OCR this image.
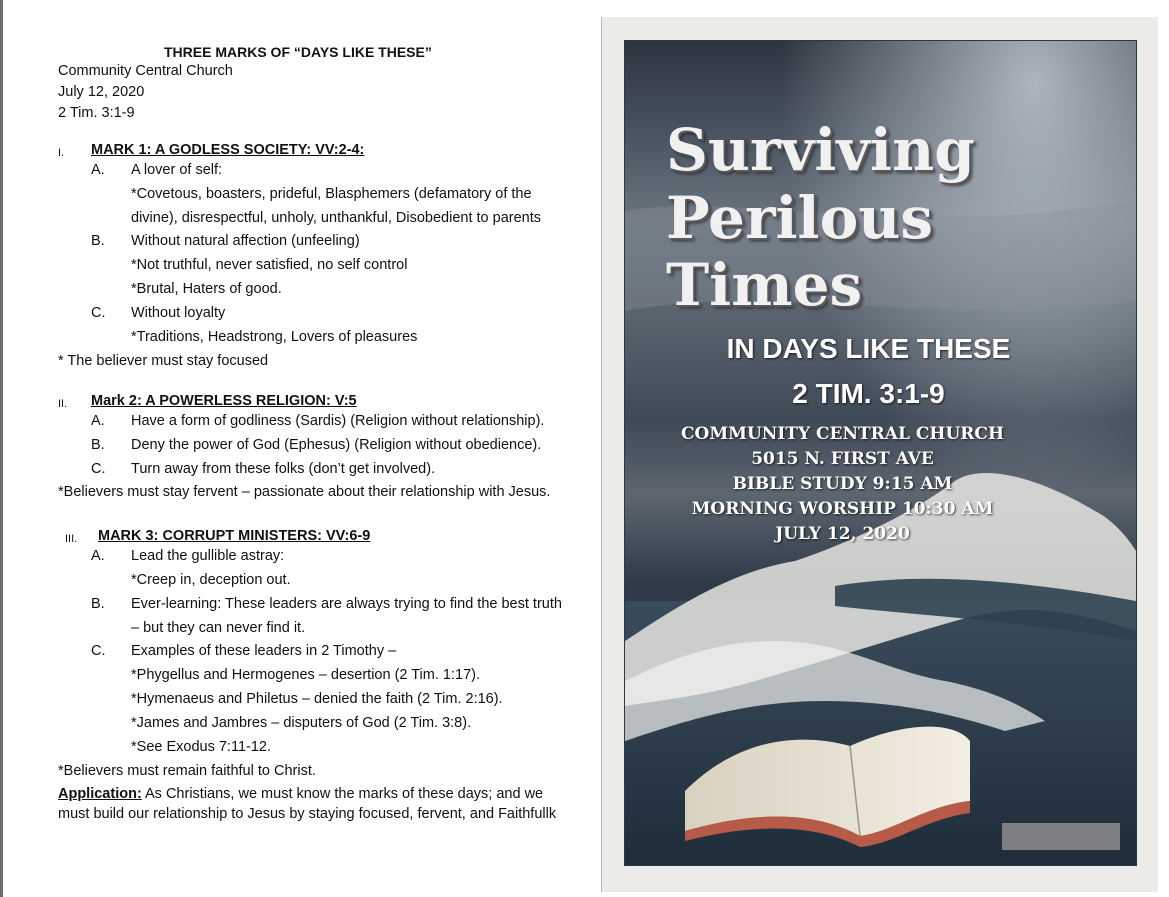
THREE MARKS OF “DAYS LIKE THESE”
Community Central Church
July 12, 2020
2 Tim. 3:1-9
I. MARK 1: A GODLESS SOCIETY: VV:2-4:
A. A lover of self:
*Covetous, boasters, prideful, Blasphemers (defamatory of the
divine), disrespectful, unholy, unthankful, Disobedient to parents
B. Without natural affection (unfeeling)
*Not truthful, never satisfied, no self control
*Brutal, Haters of good.
C. Without loyalty
*Traditions, Headstrong, Lovers of pleasures
* The believer must stay focused
II. Mark 2: A POWERLESS RELIGION: V:5
A. Have a form of godliness (Sardis) (Religion without relationship).
B. Deny the power of God (Ephesus) (Religion without obedience).
C. Turn away from these folks (don’t get involved).
*Believers must stay fervent – passionate about their relationship with Jesus.
III. MARK 3: CORRUPT MINISTERS: VV:6-9
A. Lead the gullible astray:
*Creep in, deception out.
B. Ever-learning: These leaders are always trying to find the best truth
– but they can never find it.
C. Examples of these leaders in 2 Timothy –
*Phygellus and Hermogenes – desertion (2 Tim. 1:17).
*Hymenaeus and Philetus – denied the faith (2 Tim. 2:16).
*James and Jambres – disputers of God (2 Tim. 3:8).
*See Exodus 7:11-12.
*Believers must remain faithful to Christ.
Application: As Christians, we must know the marks of these days; and we
must build our relationship to Jesus by staying focused, fervent, and Faithfullk
Surviving
Perilous
Times
IN DAYS LIKE THESE
2 TIM. 3:1-9
COMMUNITY CENTRAL CHURCH
5015 N. FIRST AVE
BIBLE STUDY 9:15 AM
MORNING WORSHIP 10:30 AM
JULY 12, 2020
